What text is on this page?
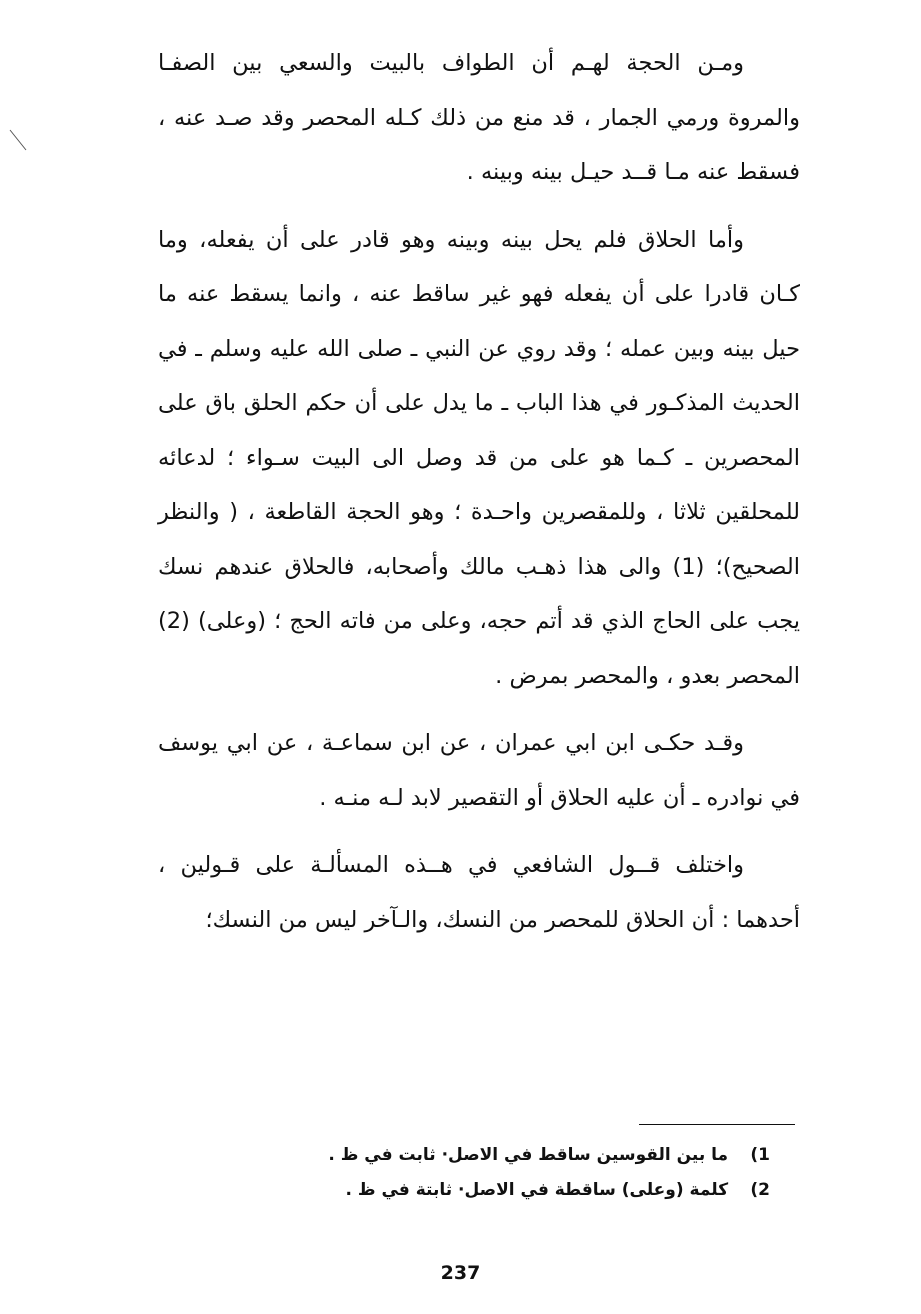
ومـن الحجة لهـم أن الطواف بالبيت والسعي بين الصفـا والمروة ورمي الجمار ، قد منع من ذلك كـله المحصر وقد صـد عنه ، فسقط عنه مـا قــد حيـل بينه وبينه .

وأما الحلاق فلم يحل بينه وبينه وهو قادر على أن يفعله، وما كـان قادرا على أن يفعله فهو غير ساقط عنه ، وانما يسقط عنه ما حيل بينه وبين عمله ؛ وقد روي عن النبي ـ صلى الله عليه وسلم ـ في الحديث المذكـور في هذا الباب ـ ما يدل على أن حكم الحلق باق على المحصرين ـ كـما هو على من قد وصل الى البيت سـواء ؛ لدعائه للمحلقين ثلاثا ، وللمقصرين واحـدة ؛ وهو الحجة القاطعة ، ( والنظر الصحيح)؛ (1) والى هذا ذهـب مالك وأصحابه، فالحلاق عندهم نسك يجب على الحاج الذي قد أتم حجه، وعلى من فاته الحج ؛ (وعلى) (2) المحصر بعدو ، والمحصر بمرض .

وقـد حكـى ابن ابي عمران ، عن ابن سماعـة ، عن ابي يوسف في نوادره ـ أن عليه الحلاق أو التقصير لابد لـه منـه .

واختلف قــول الشافعي في هــذه المسألـة على قـولين ، أحدهما : أن الحلاق للمحصر من النسك، والـآخر ليس من النسك؛

(1 ما بين القوسين ساقط في الاصل· ثابت في ظ .
(2 كلمة (وعلى) ساقطة في الاصل· ثابتة في ظ .
237
